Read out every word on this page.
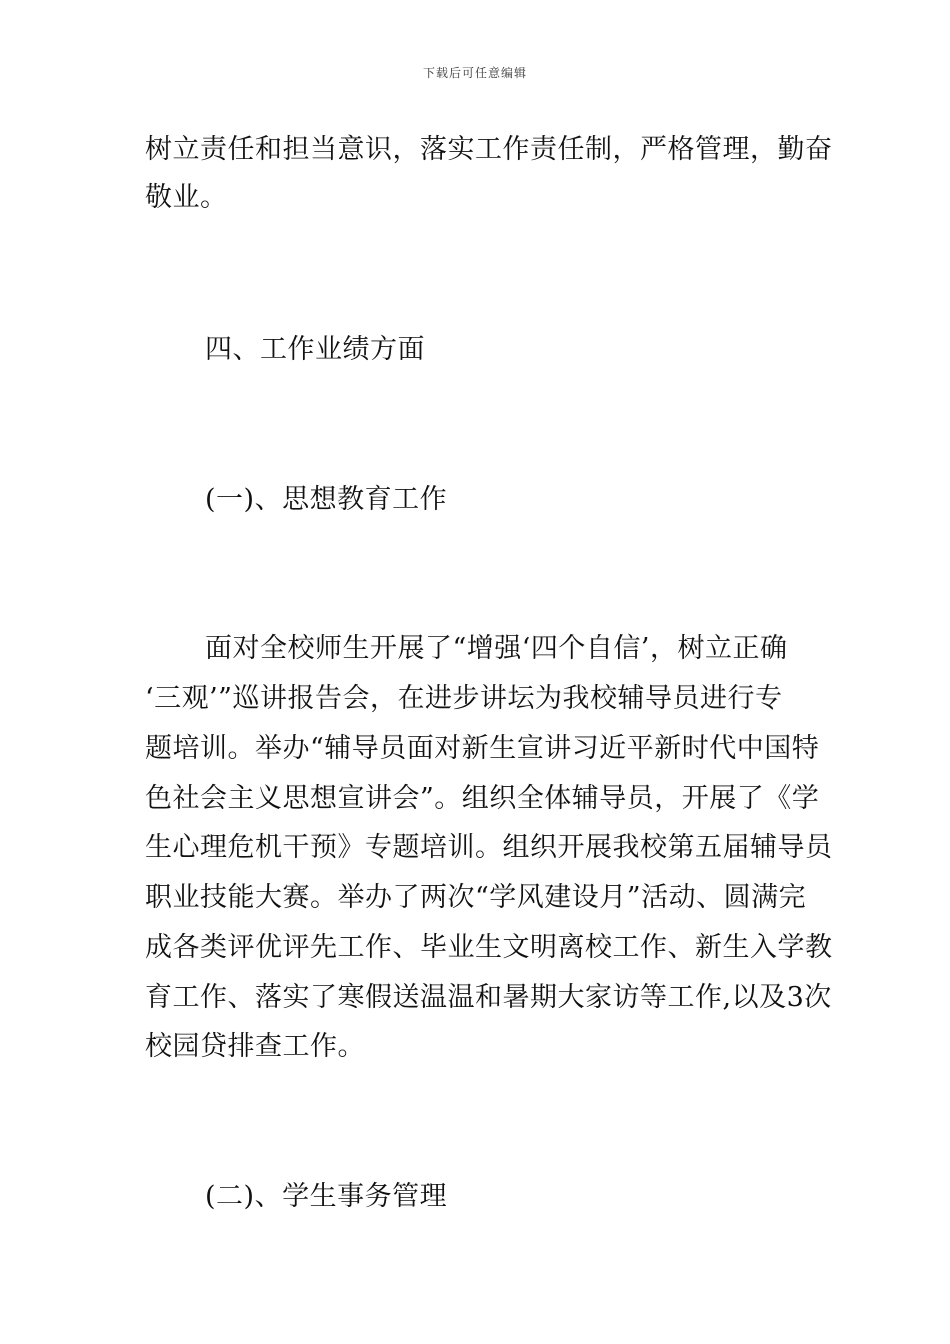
下载后可任意编辑
树立责任和担当意识，落实工作责任制，严格管理，勤奋
敬业。
四、工作业绩方面
(一)、思想教育工作
面对全校师生开展了“增强‘四个自信’，树立正确
‘三观’”巡讲报告会，在进步讲坛为我校辅导员进行专
题培训。举办“辅导员面对新生宣讲习近平新时代中国特
色社会主义思想宣讲会”。组织全体辅导员，开展了《学
生心理危机干预》专题培训。组织开展我校第五届辅导员
职业技能大赛。举办了两次“学风建设月”活动、圆满完
成各类评优评先工作、毕业生文明离校工作、新生入学教
育工作、落实了寒假送温温和暑期大家访等工作,以及3次
校园贷排查工作。
(二)、学生事务管理
